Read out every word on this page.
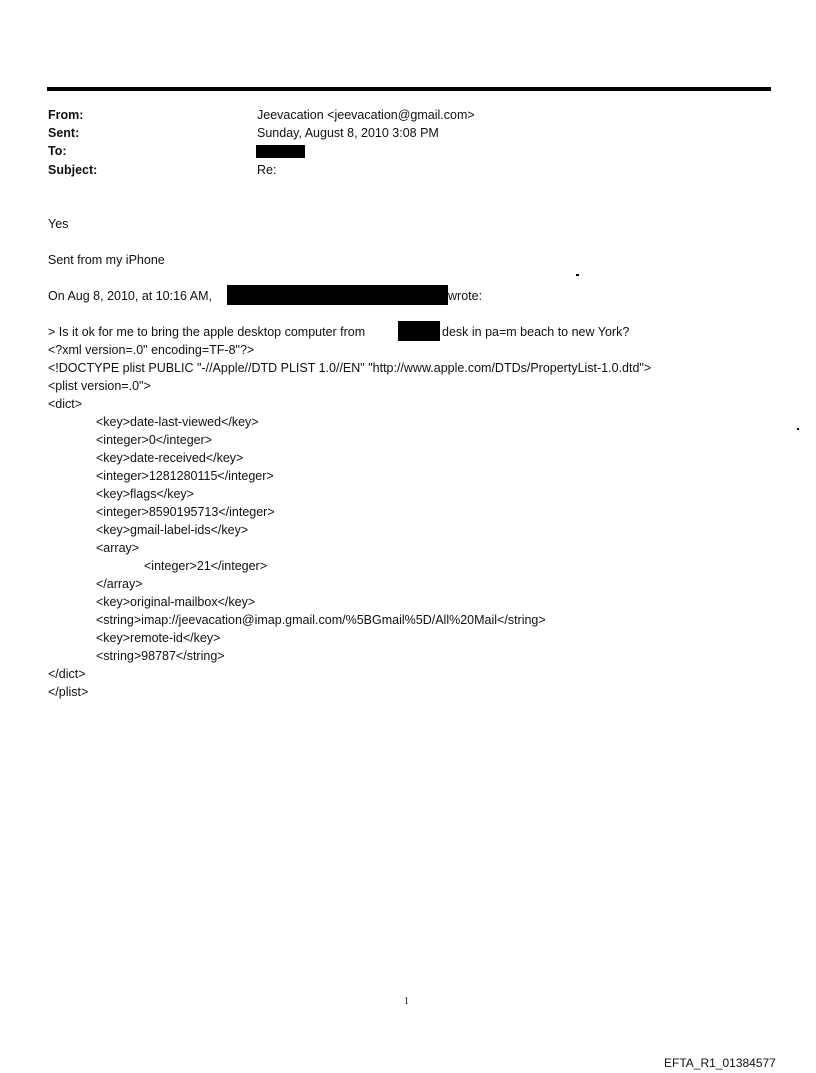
From:	Jeevacation <jeevacation@gmail.com>
Sent:	Sunday, August 8, 2010 3:08 PM
To:
Subject:	Re:
Yes
Sent from my iPhone
On Aug 8, 2010, at 10:16 AM,	wrote:
> Is it ok for me to bring the apple desktop computer from	desk in pa=m beach to new York?
<?xml version=.0" encoding=TF-8"?>
<!DOCTYPE plist PUBLIC "-//Apple//DTD PLIST 1.0//EN" "http://www.apple.com/DTDs/PropertyList-1.0.dtd">
<plist version=.0">
<dict>
<key>date-last-viewed</key>
<integer>0</integer>
<key>date-received</key>
<integer>1281280115</integer>
<key>flags</key>
<integer>8590195713</integer>
<key>gmail-label-ids</key>
<array>
<integer>21</integer>
</array>
<key>original-mailbox</key>
<string>imap://jeevacation@imap.gmail.com/%5BGmail%5D/All%20Mail</string>
<key>remote-id</key>
<string>98787</string>
</dict>
</plist>
1
EFTA_R1_01384577
